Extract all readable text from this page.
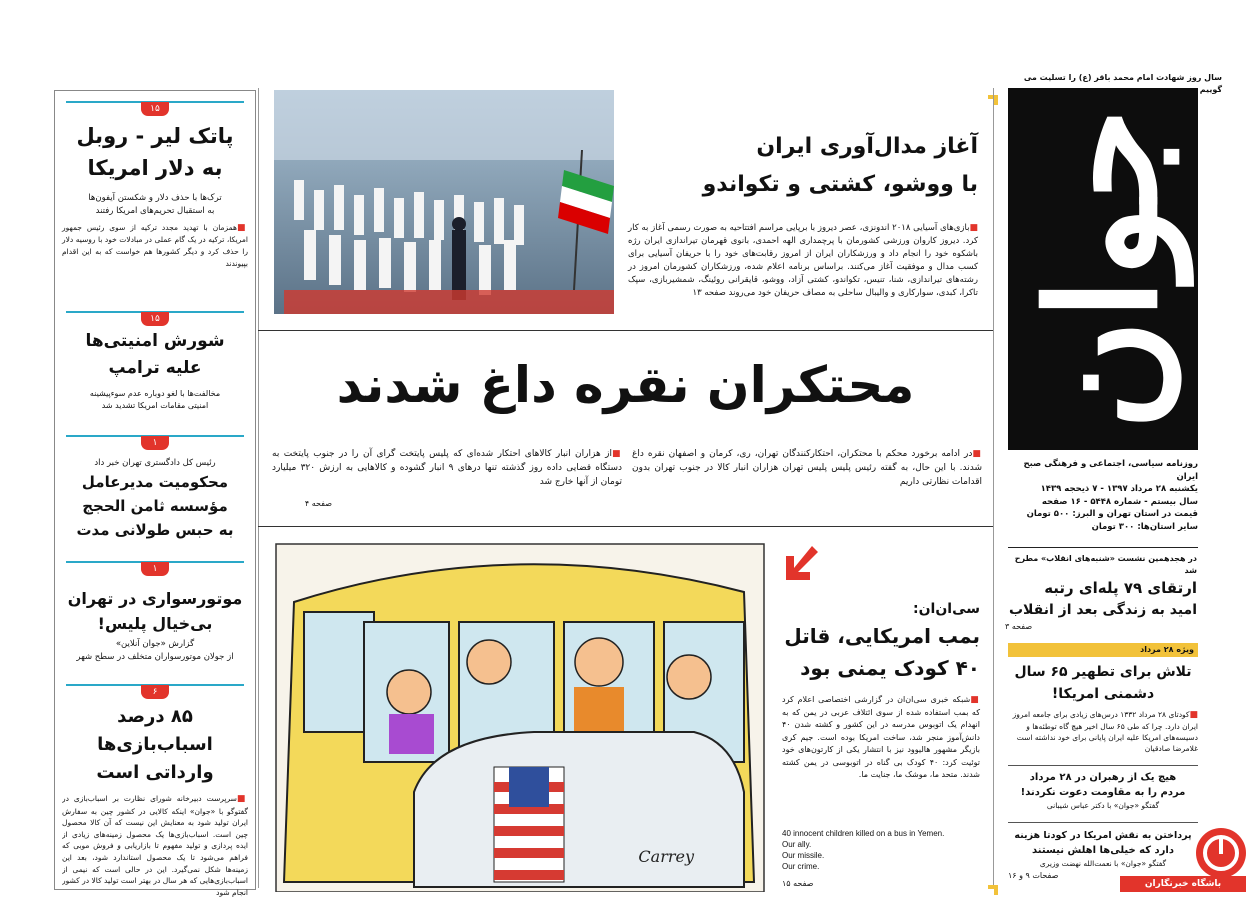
سال روز شهادت امام محمد باقر (ع) را تسلیت می گوییم
جوان
روزنامه سیاسی، اجتماعی و فرهنگی صبح ایران
یکشنبه ۲۸ مرداد ۱۳۹۷ - ۷ ذیحجه ۱۴۳۹
سال بیستم - شماره ۵۴۴۸ - ۱۶ صفحه
قیمت در استان تهران و البرز: ۵۰۰ تومان
سایر استان‌ها: ۳۰۰ تومان
در هجدهمین نشست «شنبه‌های انقلاب» مطرح شد
ارتقای ۷۹ پله‌ای رتبه
امید به زندگی بعد از انقلاب
صفحه ۳
ویژه ۲۸ مرداد
تلاش برای تطهیر ۶۵ سال
دشمنی امریکا!
■کودتای ۲۸ مرداد ۱۳۳۲ درس‌های زیادی برای جامعه امروز ایران دارد. چرا که طی ۶۵ سال اخیر هیچ گاه توطئه‌ها و دسیسه‌های امریکا علیه ایران پایانی برای خود نداشته است
غلامرضا صادقیان
هیچ یک از رهبران در ۲۸ مرداد
مردم را به مقاومت دعوت نکردند!
گفتگو «جوان» با دکتر عباس شیبانی
پرداختن به نقش امریکا در کودتا هزینه
دارد که خیلی‌ها اهلش نیستند
گفتگو «جوان» با نعمت‌الله نهضت وزیری
صفحات ۹ و ۱۶
آغاز مدال‌آوری ایران
با ووشو، کشتی و تکواندو
■بازی‌های آسیایی ۲۰۱۸ اندونزی، عصر دیروز با برپایی مراسم افتتاحیه به صورت رسمی آغاز به کار کرد. دیروز کاروان ورزشی کشورمان با پرچمداری الهه احمدی، بانوی قهرمان تیراندازی ایران رژه باشکوه خود را انجام داد و ورزشکاران ایران از امروز رقابت‌های خود را با حریفان آسیایی برای کسب مدال و موفقیت آغاز می‌کنند. براساس برنامه اعلام شده، ورزشکاران کشورمان امروز در رشته‌های تیراندازی، شنا، تنیس، تکواندو، کشتی آزاد، ووشو، قایقرانی روئینگ، شمشیربازی، سپک تاکرا، کبدی، سوارکاری و والیبال ساحلی به مصاف حریفان خود می‌روند صفحه ۱۳
محتکران نقره داغ شدند
■در ادامه برخورد محکم با محتکران، احتکارکنندگان تهران، ری، کرمان و اصفهان نقره داغ شدند. با این حال، به گفته رئیس پلیس پلیس تهران هزاران انبار کالا در جنوب تهران بدون اقدامات نظارتی داریم
■از هزاران انبار کالاهای احتکار شده‌ای که پلیس پایتخت گرای آن را در جنوب پایتخت به دستگاه قضایی داده روز گذشته تنها درهای ۹ انبار گشوده و کالاهایی به ارزش ۳۲۰ میلیارد تومان از آنها خارج شد
صفحه ۴
Carrey
سی‌ان‌ان:
بمب امریکایی، قاتل
۴۰ کودک یمنی بود
■شبکه خبری سی‌ان‌ان در گزارشی اختصاصی اعلام کرد که بمب استفاده شده از سوی ائتلاف عربی در یمن که به انهدام یک اتوبوس مدرسه در این کشور و کشته شدن ۴۰ دانش‌آموز منجر شد، ساخت امریکا بوده است. جیم کری بازیگر مشهور هالیوود نیز با انتشار یکی از کارتون‌های خود توئیت کرد: ۴۰ کودک بی گناه در اتوبوسی در یمن کشته شدند. متحد ما، موشک ما، جنایت ما.
40 innocent children killed on a bus in Yemen.
Our ally.
Our missile.
Our crime.
صفحه ۱۵
۱۵
پاتک لیر - روبل
به دلار امریکا
ترک‌ها با حذف دلار و شکستن آیفون‌ها
به استقبال تحریم‌های امریکا رفتند
■همزمان با تهدید مجدد ترکیه از سوی رئیس جمهور امریکا، ترکیه در یک گام عملی در مبادلات خود با روسیه دلار را حذف کرد و دیگر کشورها هم خواست که به این اقدام بپیوندند
۱۵
شورش امنیتی‌ها
علیه ترامپ
مخالفت‌ها با لغو دوباره عدم سوءپیشینه
امنیتی مقامات امریکا تشدید شد
۱
رئیس کل دادگستری تهران خبر داد
محکومیت مدیرعامل
مؤسسه ثامن الحجج
به حبس طولانی مدت
۱
موتورسواری در تهران
بی‌خیال پلیس!
گزارش «جوان آنلاین»
از جولان موتورسواران متخلف در سطح شهر
۶
۸۵ درصد اسباب‌بازی‌ها
وارداتی است
■سرپرست دبیرخانه شورای نظارت بر اسباب‌بازی در گفتوگو با «جوان» اینکه کالایی در کشور چین به سفارش ایران تولید شود به معنایش این نیست که آن کالا محصول چین است. اسباب‌بازی‌ها یک محصول زمینه‌های زیادی از ایده پردازی و تولید مفهوم تا بازاریابی و فروش موبی که فراهم می‌شود تا یک محصول استاندارد شود، بعد این زمینه‌ها شکل نمی‌گیرد. این در حالی است که نیمی از اسباب‌بازی‌هایی که هر سال در بهتر است تولید کالا در کشور انجام شود
باشگاه خبرنگاران
